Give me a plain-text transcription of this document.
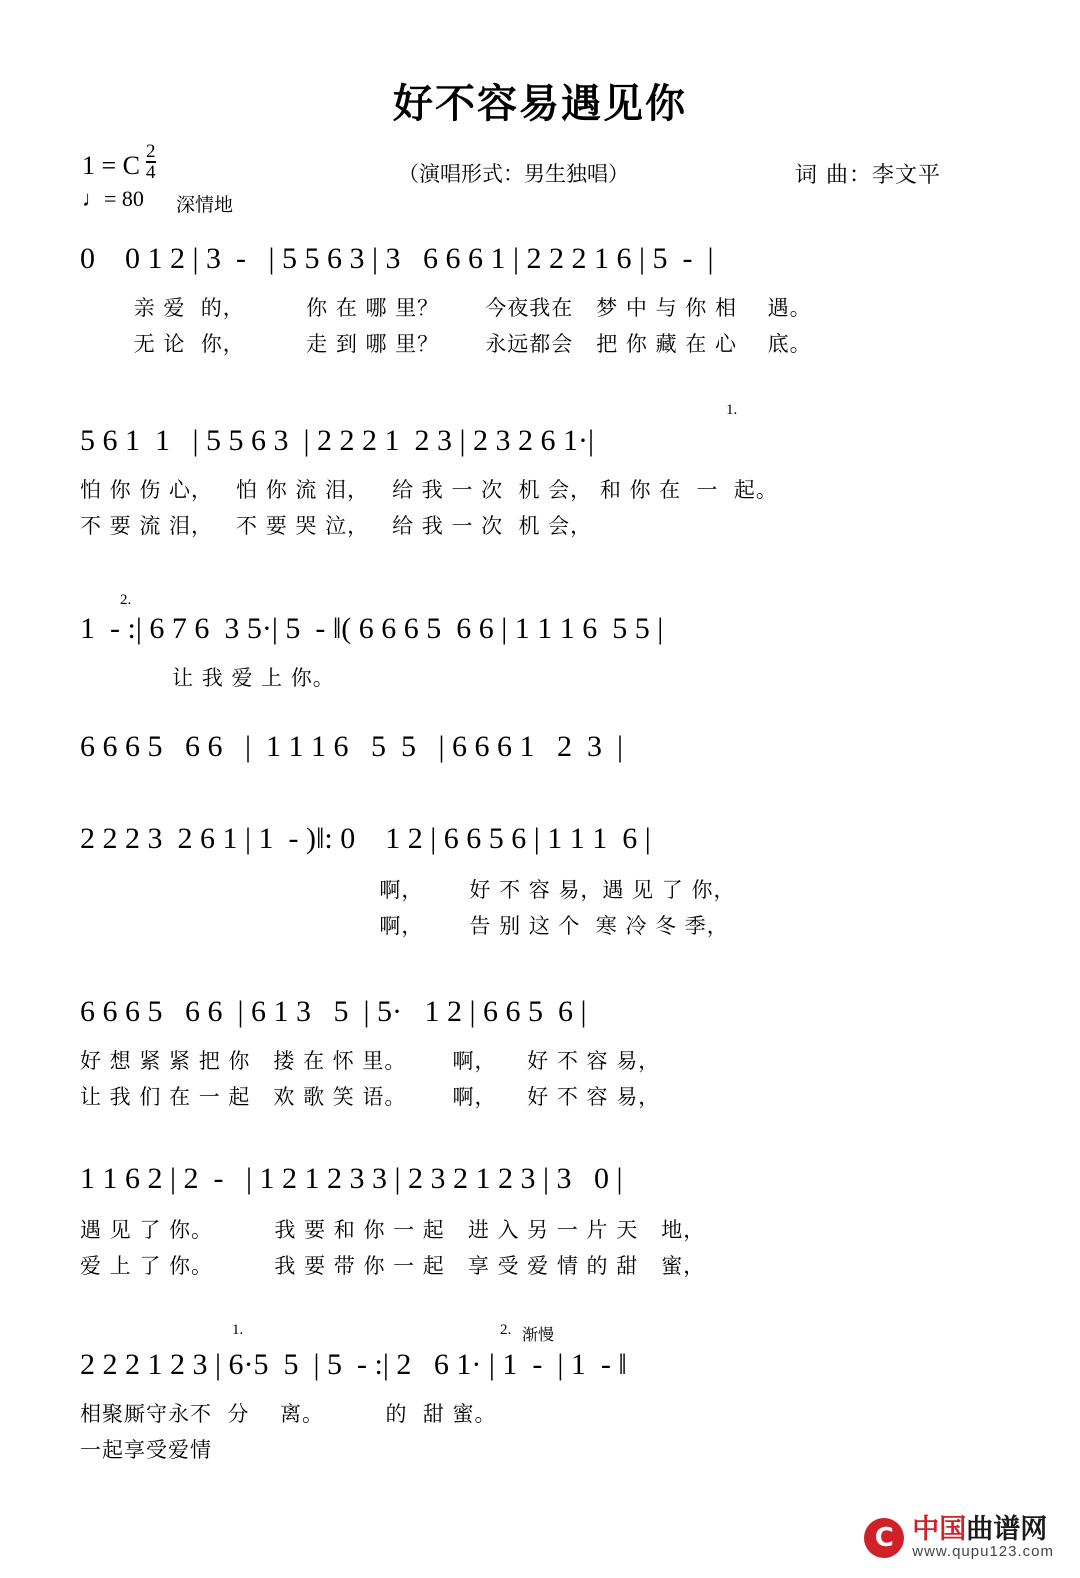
好不容易遇见你
1 = C $\frac{2}{4}$
♩= 80 深情地
（演唱形式：男生独唱）	词 曲：李文平
0    0 1 2 | 3  -   | 5 5 6 3 | 3   6 6 6 1 | 2 2 2 1 6 | 5  -  |
亲 爱  的，        你 在 哪 里？      今夜我在   梦 中 与 你 相    遇。
无 论  你，        走 到 哪 里？      永远都会   把 你 藏 在 心    底。
1.
5 6 1  1   | 5 5 6 3  | 2 2 2 1  2 3 | 2 3 2 6 1·|
怕 你 伤 心，   怕 你 流 泪，   给 我 一 次  机 会， 和 你 在  一  起。
不 要 流 泪，   不 要 哭 泣，   给 我 一 次  机 会，
2.
1  - :| 6 7 6  3 5·| 5  - ‖( 6 6 6 5  6 6 | 1 1 1 6  5 5 |
让 我 爱 上 你。
6 6 6 5   6 6   |  1 1 1 6   5  5   | 6 6 6 1   2  3  |
2 2 2 3  2 6 1 | 1  - )‖: 0    1 2 | 6 6 5 6 | 1 1 1  6 |
啊，      好 不 容 易，遇 见 了 你，
啊，      告 别 这 个  寒 冷 冬 季，
6 6 6 5   6 6  | 6 1 3   5  | 5·   1 2 | 6 6 5  6 |
好 想 紧 紧 把 你   搂 在 怀 里。      啊，    好 不 容 易，
让 我 们 在 一 起   欢 歌 笑 语。      啊，    好 不 容 易，
1 1 6 2 | 2  -   | 1 2 1 2 3 3 | 2 3 2 1 2 3 | 3   0 |
遇 见 了 你。        我 要 和 你 一 起   进 入 另 一 片 天   地，
爱 上 了 你。        我 要 带 你 一 起   享 受 爱 情 的 甜   蜜，
1.	2. 渐慢
2 2 2 1 2 3 | 6·5  5  | 5  - :| 2   6 1· | 1  -  | 1  - ‖
相聚厮守永不  分    离。        的  甜 蜜。
一起享受爱情
C 中国曲谱网
www.qupu123.com
